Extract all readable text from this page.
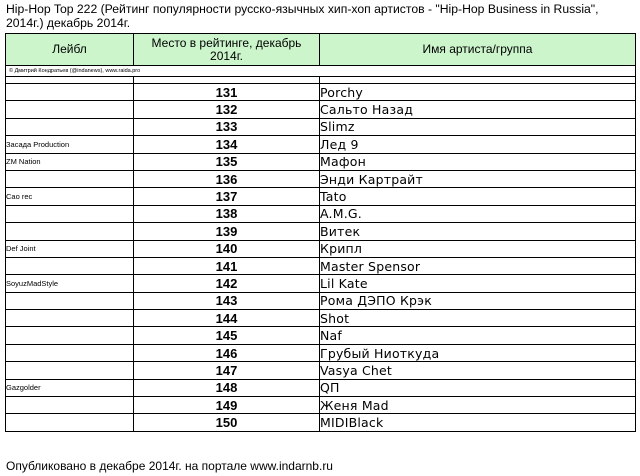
Hip-Hop Top 222 (Рейтинг популярности русско-язычных хип-хоп артистов - "Hip-Hop Business in Russia", 2014г.) декабрь 2014г.
Лейбл	Место в рейтинге, декабрь 2014г.	Имя артиста/группа
© Дмитрий Кондратьев (@indanews), www.raida.pro		

	131	Porchy
	132	Сальто Назад
	133	Slimz
Засада Production	134	Лед 9
ZM Nation	135	Мафон
	136	Энди Картрайт
Cao rec	137	Tato
	138	A.M.G.
	139	Витек
Def Joint	140	Крипл
	141	Master Spensor
SoyuzMadStyle	142	Lil Kate
	143	Рома ДЭПО Крэк
	144	Shot
	145	Naf
	146	Грубый Ниоткуда
	147	Vasya Chet
Gazgolder	148	QП
	149	Женя Mad
	150	MIDIBlack
Опубликовано в декабре 2014г. на портале www.indarnb.ru
